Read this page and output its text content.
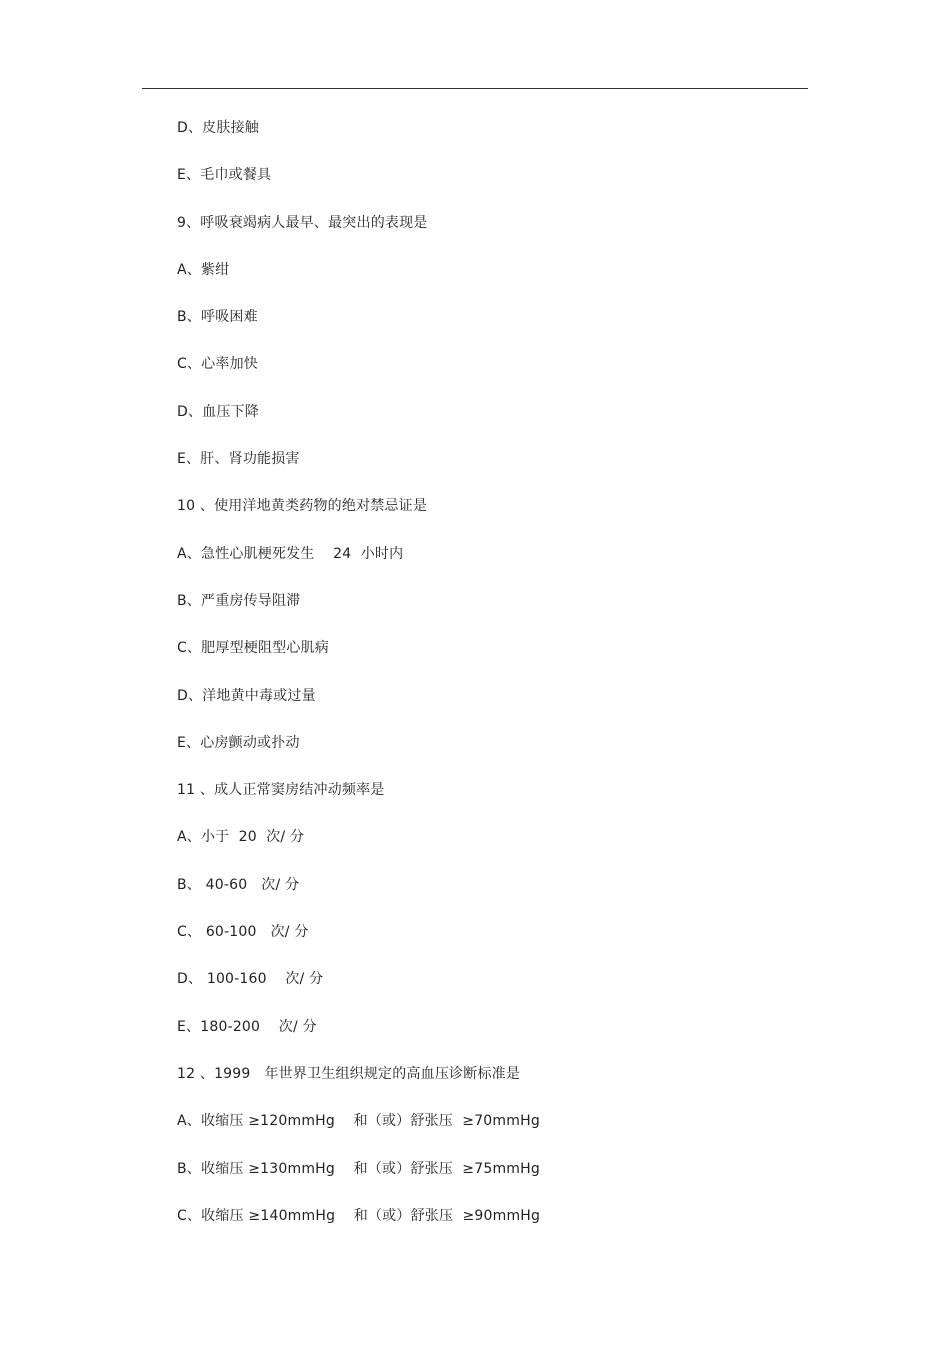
D、皮肤接触
E、毛巾或餐具
9、呼吸衰竭病人最早、最突出的表现是
A、紫绀
B、呼吸困难
C、心率加快
D、血压下降
E、肝、肾功能损害
10 、使用洋地黄类药物的绝对禁忌证是
A、急性心肌梗死发生    24  小时内
B、严重房传导阻滞
C、肥厚型梗阻型心肌病
D、洋地黄中毒或过量
E、心房颤动或扑动
11 、成人正常窦房结冲动频率是
A、小于  20  次/ 分
B、 40-60   次/ 分
C、 60-100   次/ 分
D、 100-160    次/ 分
E、180-200    次/ 分
12 、1999   年世界卫生组织规定的高血压诊断标准是
A、收缩压 ≥120mmHg    和（或）舒张压  ≥70mmHg
B、收缩压 ≥130mmHg    和（或）舒张压  ≥75mmHg
C、收缩压 ≥140mmHg    和（或）舒张压  ≥90mmHg
